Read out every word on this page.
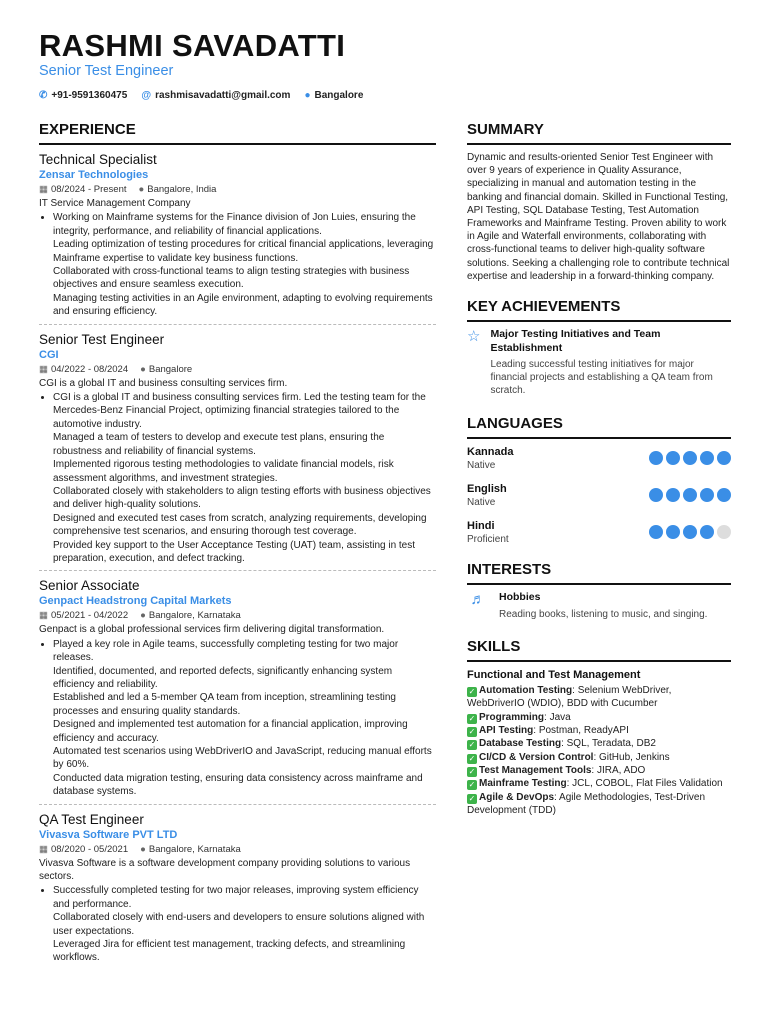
RASHMI SAVADATTI
Senior Test Engineer
✆ +91-9591360475 @ rashmisavadatti@gmail.com ● Bangalore
EXPERIENCE
Technical Specialist
Zensar Technologies
▦ 08/2024 - Present ● Bangalore, India
IT Service Management Company
• Working on Mainframe systems for the Finance division of Jon Luies, ensuring the integrity, performance, and reliability of financial applications.
Leading optimization of testing procedures for critical financial applications, leveraging Mainframe expertise to validate key business functions.
Collaborated with cross-functional teams to align testing strategies with business objectives and ensure seamless execution.
Managing testing activities in an Agile environment, adapting to evolving requirements and ensuring efficiency.
Senior Test Engineer
CGI
▦ 04/2022 - 08/2024 ● Bangalore
CGI is a global IT and business consulting services firm.
• CGI is a global IT and business consulting services firm. Led the testing team for the Mercedes-Benz Financial Project, optimizing financial strategies tailored to the automotive industry.
Managed a team of testers to develop and execute test plans, ensuring the robustness and reliability of financial systems.
Implemented rigorous testing methodologies to validate financial models, risk assessment algorithms, and investment strategies.
Collaborated closely with stakeholders to align testing efforts with business objectives and deliver high-quality solutions.
Designed and executed test cases from scratch, analyzing requirements, developing comprehensive test scenarios, and ensuring thorough test coverage.
Provided key support to the User Acceptance Testing (UAT) team, assisting in test preparation, execution, and defect tracking.
Senior Associate
Genpact Headstrong Capital Markets
▦ 05/2021 - 04/2022 ● Bangalore, Karnataka
Genpact is a global professional services firm delivering digital transformation.
• Played a key role in Agile teams, successfully completing testing for two major releases.
Identified, documented, and reported defects, significantly enhancing system efficiency and reliability.
Established and led a 5-member QA team from inception, streamlining testing processes and ensuring quality standards.
Designed and implemented test automation for a financial application, improving efficiency and accuracy.
Automated test scenarios using WebDriverIO and JavaScript, reducing manual efforts by 60%.
Conducted data migration testing, ensuring data consistency across mainframe and database systems.
QA Test Engineer
Vivasva Software PVT LTD
▦ 08/2020 - 05/2021 ● Bangalore, Karnataka
Vivasva Software is a software development company providing solutions to various sectors.
• Successfully completed testing for two major releases, improving system efficiency and performance.
Collaborated closely with end-users and developers to ensure solutions aligned with user expectations.
Leveraged Jira for efficient test management, tracking defects, and streamlining workflows.
SUMMARY
Dynamic and results-oriented Senior Test Engineer with over 9 years of experience in Quality Assurance, specializing in manual and automation testing in the banking and financial domain. Skilled in Functional Testing, API Testing, SQL Database Testing, Test Automation Frameworks and Mainframe Testing. Proven ability to work in Agile and Waterfall environments, collaborating with cross-functional teams to deliver high-quality software solutions. Seeking a challenging role to contribute technical expertise and leadership in a forward-thinking company.
KEY ACHIEVEMENTS
☆ Major Testing Initiatives and Team Establishment
Leading successful testing initiatives for major financial projects and establishing a QA team from scratch.
LANGUAGES
Kannada
Native
English
Native
Hindi
Proficient
INTERESTS
♬	Hobbies
Reading books, listening to music, and singing.
SKILLS
Functional and Test Management
✓ Automation Testing: Selenium WebDriver, WebDriverIO (WDIO), BDD with Cucumber
✓ Programming: Java
✓ API Testing: Postman, ReadyAPI
✓ Database Testing: SQL, Teradata, DB2
✓ CI/CD & Version Control: GitHub, Jenkins
✓ Test Management Tools: JIRA, ADO
✓ Mainframe Testing: JCL, COBOL, Flat Files Validation
✓ Agile & DevOps: Agile Methodologies, Test-Driven Development (TDD)
